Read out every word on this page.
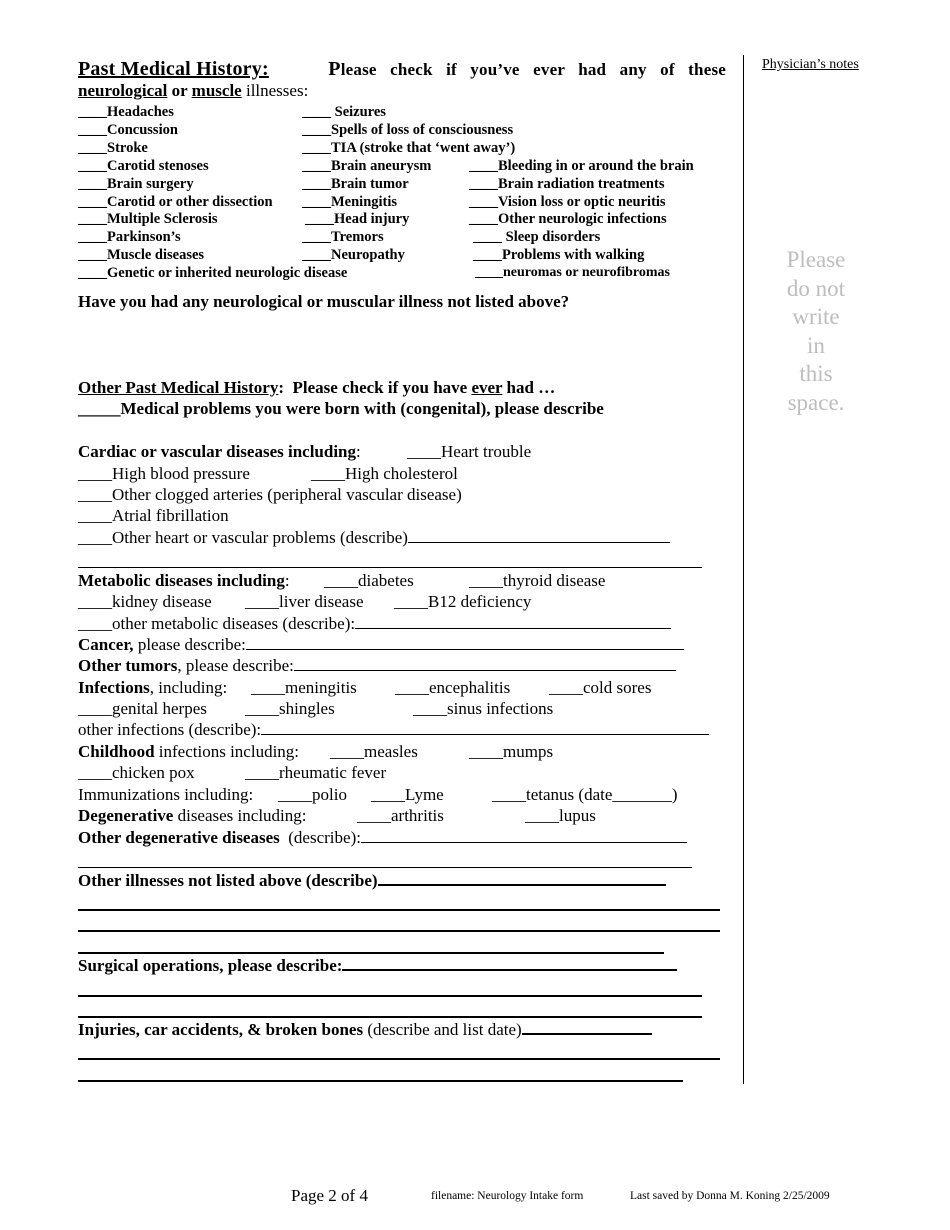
Physician’s notes
Please
do not
write
in
this
space.
Past Medical History:	Please check if you’ve ever had any of these
neurological or muscle illnesses:
____Headaches	____ Seizures
____Concussion	____Spells of loss of consciousness
____Stroke	____TIA (stroke that ‘went away’)
____Carotid stenoses	____Brain aneurysm	____Bleeding in or around the brain
____Brain surgery	____Brain tumor	____Brain radiation treatments
____Carotid or other dissection ____Meningitis	____Vision loss or optic neuritis
____Multiple Sclerosis	____Head injury	____Other neurologic infections
____Parkinson’s	____Tremors	____ Sleep disorders
____Muscle diseases	____Neuropathy	____Problems with walking
____Genetic or inherited neurologic disease	____neuromas or neurofibromas
Have you had any neurological or muscular illness not listed above?
Other Past Medical History:  Please check if you have ever had …
_____Medical problems you were born with (congenital), please describe
Cardiac or vascular diseases including:	____Heart trouble
____High blood pressure	____High cholesterol
____Other clogged arteries (peripheral vascular disease)
____Atrial fibrillation
____Other heart or vascular problems (describe)
Metabolic diseases including: ____diabetes	____thyroid disease
____kidney disease ____liver disease ____B12 deficiency
____other metabolic diseases (describe):
Cancer, please describe:
Other tumors, please describe:
Infections, including: ____meningitis ____encephalitis ____cold sores
____genital herpes ____shingles	____sinus infections
other infections (describe):
Childhood infections including: ____measles	____mumps
____chicken pox	____rheumatic fever
Immunizations including: ____polio ____Lyme	____tetanus (date_______)
Degenerative diseases including:	____arthritis	____lupus
Other degenerative diseases  (describe):
Other illnesses not listed above (describe)
Surgical operations, please describe:
Injuries, car accidents, & broken bones (describe and list date)
Page 2 of 4	filename: Neurology Intake form	Last saved by Donna M. Koning 2/25/2009
